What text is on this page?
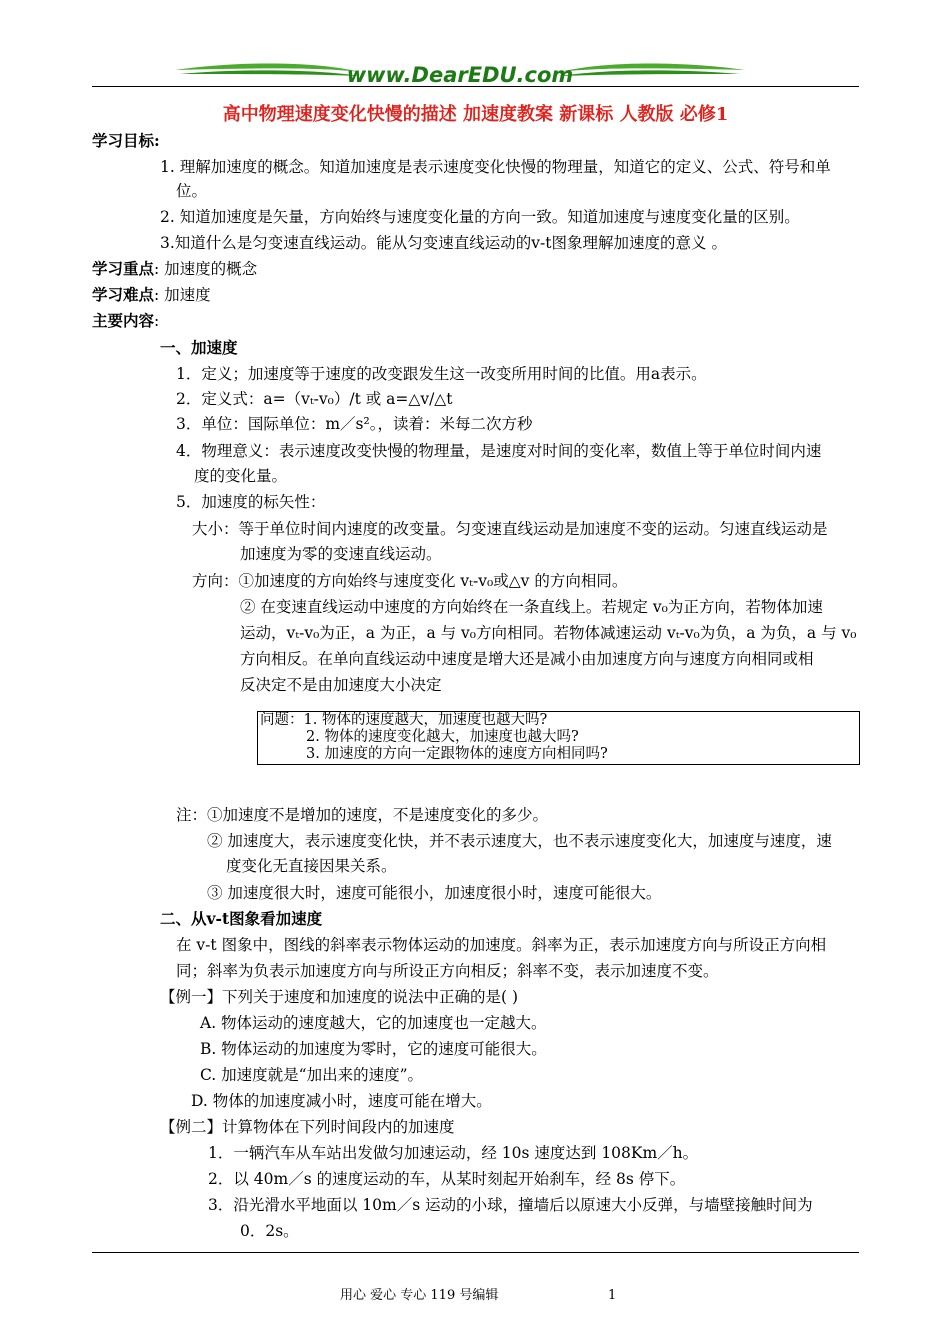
www.DearEDU.com
高中物理速度变化快慢的描述 加速度教案 新课标 人教版 必修1
学习目标:
1. 理解加速度的概念。知道加速度是表示速度变化快慢的物理量，知道它的定义、公式、符号和单
位。
2. 知道加速度是矢量，方向始终与速度变化量的方向一致。知道加速度与速度变化量的区别。
3.知道什么是匀变速直线运动。能从匀变速直线运动的v-t图象理解加速度的意义 。
学习重点: 加速度的概念
学习难点: 加速度
主要内容:
一、加速度
1．定义；加速度等于速度的改变跟发生这一改变所用时间的比值。用a表示。
2．定义式：a=（vₜ-v₀）/t 或 a=△v/△t
3．单位：国际单位：m／s²。，读着：米每二次方秒
4．物理意义：表示速度改变快慢的物理量，是速度对时间的变化率，数值上等于单位时间内速
度的变化量。
5．加速度的标矢性：
大小：等于单位时间内速度的改变量。匀变速直线运动是加速度不变的运动。匀速直线运动是
加速度为零的变速直线运动。
方向：①加速度的方向始终与速度变化 vₜ-v₀或△v 的方向相同。
② 在变速直线运动中速度的方向始终在一条直线上。若规定 v₀为正方向，若物体加速
运动，vₜ-v₀为正，a 为正，a 与 v₀方向相同。若物体减速运动 vₜ-v₀为负，a 为负，a 与 v₀
方向相反。在单向直线运动中速度是增大还是减小由加速度方向与速度方向相同或相
反决定不是由加速度大小决定
问题：1. 物体的速度越大，加速度也越大吗?
2. 物体的速度变化越大，加速度也越大吗?
3. 加速度的方向一定跟物体的速度方向相同吗?
注：①加速度不是增加的速度，不是速度变化的多少。
② 加速度大，表示速度变化快，并不表示速度大，也不表示速度变化大，加速度与速度，速
度变化无直接因果关系。
③ 加速度很大时，速度可能很小，加速度很小时，速度可能很大。
二、从v-t图象看加速度
在 v-t 图象中，图线的斜率表示物体运动的加速度。斜率为正，表示加速度方向与所设正方向相
同；斜率为负表示加速度方向与所设正方向相反；斜率不变，表示加速度不变。
【例一】下列关于速度和加速度的说法中正确的是( )
A. 物体运动的速度越大，它的加速度也一定越大。
B. 物体运动的加速度为零时，它的速度可能很大。
C. 加速度就是“加出来的速度”。
D. 物体的加速度减小时，速度可能在增大。
【例二】计算物体在下列时间段内的加速度
1．一辆汽车从车站出发做匀加速运动，经 10s 速度达到 108Km／h。
2．以 40m／s 的速度运动的车，从某时刻起开始刹车，经 8s 停下。
3．沿光滑水平地面以 10m／s 运动的小球，撞墙后以原速大小反弹，与墙壁接触时间为
0．2s。
用心 爱心 专心 119 号编辑	1
